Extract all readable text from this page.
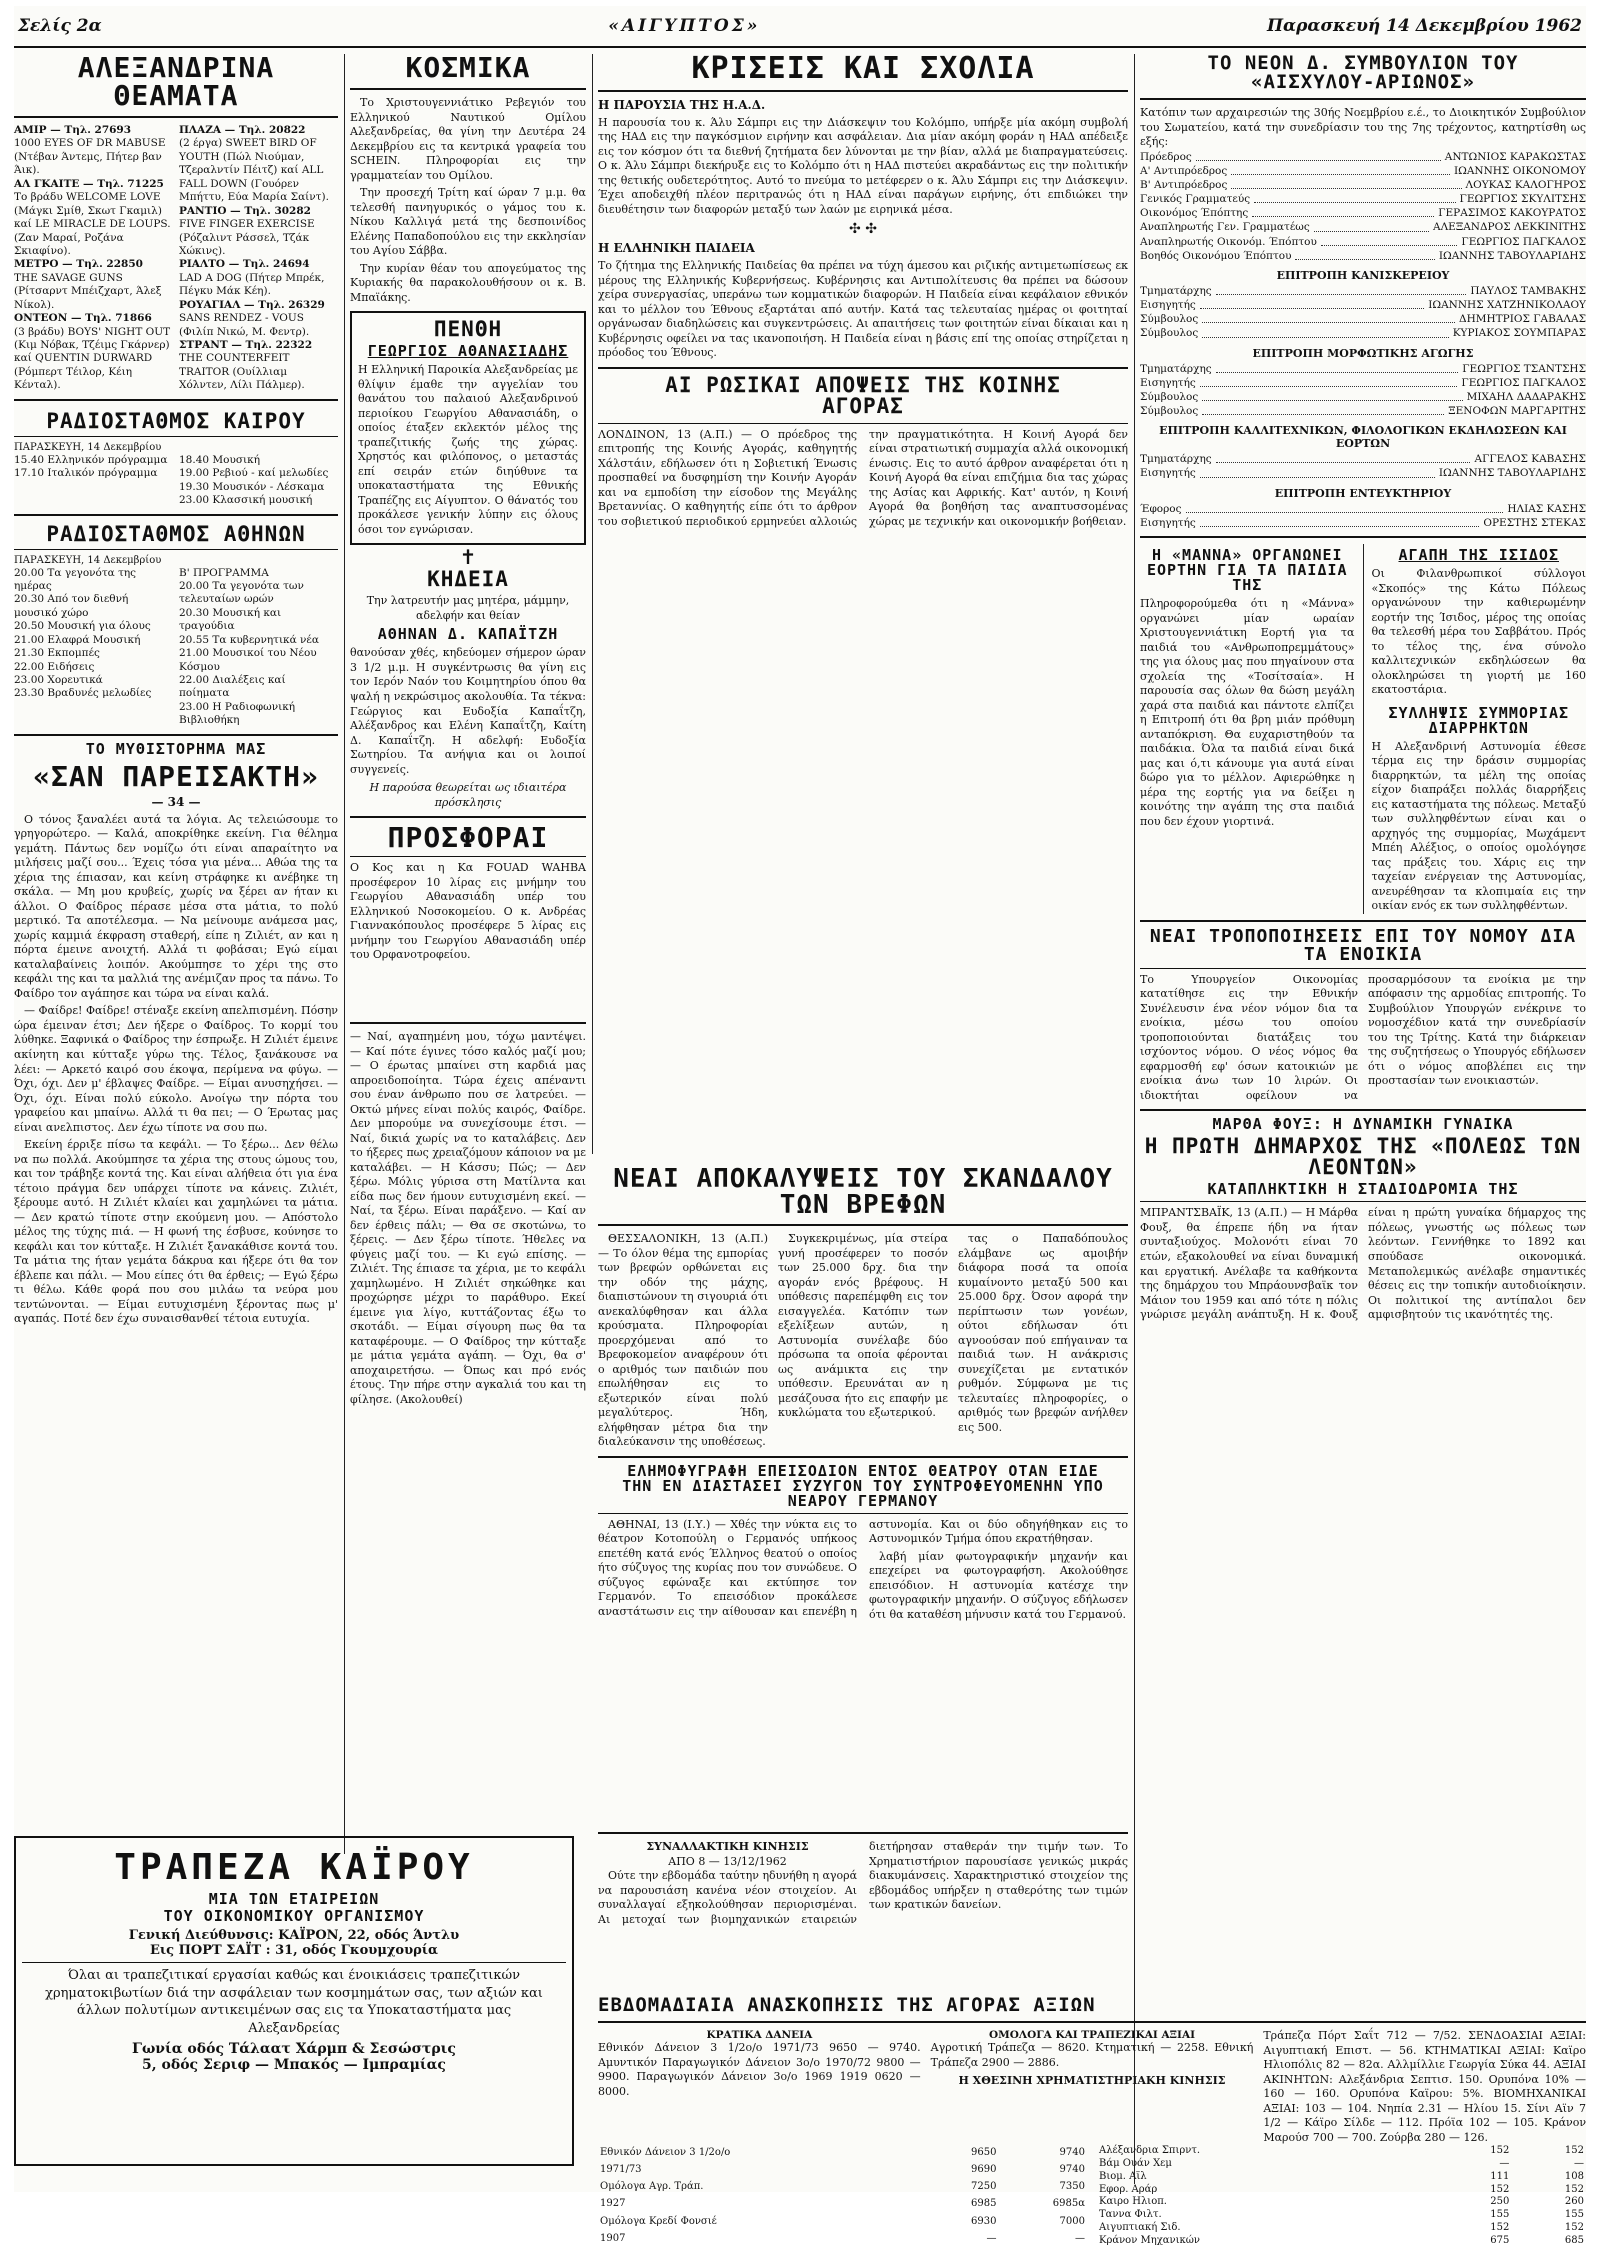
Σελίς 2α	«ΑΙΓΥΠΤΟΣ»	Παρασκευή 14 Δεκεμβρίου 1962
ΑΛΕΞΑΝΔΡΙΝΑ ΘΕΑΜΑΤΑ
ΑΜΙΡ — Τηλ. 27693
1000 EYES OF DR MABUSE (Ντέβαν Άντεμς, Πήτερ βαν Άικ).
ΑΛ ΓΚΑΙΤΕ — Τηλ. 71225
Το βράδυ WELCOME LOVE (Μάγκι Σμίθ, Σκωτ Γκαμιλ) καί LE MIRACLE DE LOUPS. (Ζαν Μαραί, Ροζάνα Σκιαφίνο).
ΜΕΤΡΟ — Τηλ. 22850
THE SAVAGE GUNS (Ρίτσαρντ Μπέιζχαρτ, Άλεξ Νίκολ).
ΟΝΤΕΟΝ — Τηλ. 71866
(3 βράδυ) BOYS' NIGHT OUT (Κιμ Νόβακ, Τζέιμς Γκάρνερ) καί QUENTIN DURWARD (Ρόμπερτ Τέιλορ, Κέιη Κένταλ).
ΠΛΑΖΑ — Τηλ. 20822
(2 έργα) SWEET BIRD OF YOUTH (Πώλ Νιούμαν, Τζεραλντίν Πέιτζ) καί ALL FALL DOWN (Γουόρεν Μπήττυ, Εύα Μαρία Σαίντ).
ΡΑΝΤΙΟ — Τηλ. 30282
FIVE FINGER EXERCISE (Ρόζαλιντ Ράσσελ, Τζάκ Χώκινς).
ΡΙΑΛΤΟ — Τηλ. 24694
LAD A DOG (Πήτερ Μπρέκ, Πέγκυ Μάκ Κέη).
ΡΟΥΑΓΙΑΛ — Τηλ. 26329
SANS RENDEZ - VOUS (Φιλίπ Νικώ, Μ. Φεντρ).
ΣΤΡΑΝΤ — Τηλ. 22322
THE COUNTERFEIT TRAITOR (Ουίλλιαμ Χόλντεν, Λίλι Πάλμερ).
ΡΑΔΙΟΣΤΑΘΜΟΣ ΚΑΙΡΟΥ
ΠΑΡΑΣΚΕΥΗ, 14 Δεκεμβρίου
15.40 Ελληνικόν πρόγραμμα
17.10 Ιταλικόν πρόγραμμα
18.40 Μουσική
19.00 Ρεβιού - καί μελωδίες
19.30 Μουσικόν - Λέσκαμα
23.00 Κλασσική μουσική
ΡΑΔΙΟΣΤΑΘΜΟΣ ΑΘΗΝΩΝ
ΠΑΡΑΣΚΕΥΗ, 14 Δεκεμβρίου
20.00 Τα γεγονότα της ημέρας
20.30 Από τον διεθνή μουσικό χώρο
20.50 Μουσική για όλους
21.00 Ελαφρά Μουσική
21.30 Εκπομπές
22.00 Ειδήσεις
23.00 Χορευτικά
23.30 Βραδυνές μελωδίες
Β' ΠΡΟΓΡΑΜΜΑ
20.00 Τα γεγονότα των τελευταίων ωρών
20.30 Μουσική και τραγούδια
20.55 Τα κυβερνητικά νέα
21.00 Μουσικοί του Νέου Κόσμου
22.00 Διαλέξεις καί ποίηματα
23.00 Η Ραδιοφωνική Βιβλιοθήκη
ΤΟ ΜΥΘΙΣΤΟΡΗΜΑ ΜΑΣ
«ΣΑΝ ΠΑΡΕΙΣΑΚΤΗ»
— 34 —

Ο τόνος ξαναλέει αυτά τα λόγια. Ας τελειώσουμε το γρηγορώτερο. — Καλά, αποκρίθηκε εκείνη. Για θέλημα γεμάτη. Πάντως δεν νομίζω ότι είναι απαραίτητο να μιλήσεις μαζί σου... Έχεις τόσα για μένα... Αθώα της τα χέρια της έπιασαν, και κείνη στράφηκε κι ανέβηκε τη σκάλα. — Μη μου κρυβείς, χωρίς να ξέρει αν ήταν κι άλλοι. Ο Φαίδρος πέρασε μέσα στα μάτια, το πολύ μερτικό. Τα αποτέλεσμα. — Να μείνουμε ανάμεσα μας, χωρίς καμμιά έκφραση σταθερή, είπε η Ζιλιέτ, αν και η πόρτα έμεινε ανοιχτή. Αλλά τι φοβάσαι; Εγώ είμαι καταλαβαίνεις λοιπόν. Ακούμπησε το χέρι της στο κεφάλι της και τα μαλλιά της ανέμιζαν προς τα πάνω. Το Φαίδρο τον αγάπησε και τώρα να είναι καλά.

— Φαίδρε! Φαίδρε! στέναξε εκείνη απελπισμένη. Πόσην ώρα έμειναν έτσι; Δεν ήξερε ο Φαίδρος. Το κορμί του λύθηκε. Ξαφνικά ο Φαίδρος την έσπρωξε. Η Ζιλιέτ έμεινε ακίνητη και κύτταξε γύρω της. Τέλος, ξανάκουσε να λέει: — Αρκετό καιρό σου έκοψα, περίμενα να φύγω. — Όχι, όχι. Δεν μ' έβλαψες Φαίδρε. — Είμαι ανυσηχήσει. — Όχι, όχι. Είναι πολύ εύκολο. Ανοίγω την πόρτα του γραφείου και μπαίνω. Αλλά τι θα πει; — Ο Έρωτας μας είναι ανελπιστος. Δεν έχω τίποτε να σου πω.

Εκείνη έρριξε πίσω τα κεφάλι. — Το ξέρω... Δεν θέλω να πω πολλά. Ακούμπησε τα χέρια της στους ώμους του, και τον τράβηξε κοντά της. Και είναι αλήθεια ότι για ένα τέτοιο πράγμα δεν υπάρχει τίποτε να κάνεις. Ζιλιέτ, ξέρουμε αυτό. Η Ζιλιέτ κλαίει και χαμηλώνει τα μάτια. — Δεν κρατώ τίποτε στην εκούμενη μου. — Απόστολο μέλος της τύχης πιά. — Η φωνή της έσβυσε, κούνησε το κεφάλι και τον κύτταξε. Η Ζιλιέτ ξανακάθισε κοντά του. Τα μάτια της ήταν γεμάτα δάκρυα και ήξερε ότι θα τον έβλεπε και πάλι. — Μου είπες ότι θα έρθεις; — Εγώ ξέρω τι θέλω. Κάθε φορά που σου μιλάω τα νεύρα μου τεντώνονται. — Είμαι ευτυχισμένη ξέροντας πως μ' αγαπάς. Ποτέ δεν έχω συναισθανθεί τέτοια ευτυχία.

ΚΟΣΜΙΚΑ

Το Χριστουγεννιάτικο Ρεβεγιόν του Ελληνικού Ναυτικού Ομίλου Αλεξανδρείας, θα γίνη την Δευτέρα 24 Δεκεμβρίου εις τα κεντρικά γραφεία του SCHEIN. Πληροφορίαι εις την γραμματείαν του Ομίλου.

Την προσεχή Τρίτη καί ώραν 7 μ.μ. θα τελεσθή πανηγυρικός ο γάμος του κ. Νίκου Καλλιγά μετά της δεσποινίδος Ελένης Παπαδοπούλου εις την εκκλησίαν του Αγίου Σάββα.

Την κυρίαν θέαν του απογεύματος της Κυριακής θα παρακολουθήσουν οι κ. Β. Μπαϊάκης.

ΠΕΝΘΗ
ΓΕΩΡΓΙΟΣ ΑΘΑΝΑΣΙΑΔΗΣ
Η Ελληνική Παροικία Αλεξανδρείας με θλίψιν έμαθε την αγγελίαν του θανάτου του παλαιού Αλεξανδρινού περιοίκου Γεωργίου Αθανασιάδη, ο οποίος έταξεν εκλεκτόν μέλος της τραπεζιτικής ζωής της χώρας. Χρηστός και φιλόπονος, ο μεταστάς επί σειράν ετών διηύθυνε τα υποκαταστήματα της Εθνικής Τραπέζης εις Αίγυπτον. Ο θάνατός του προκάλεσε γενικήν λύπην εις όλους όσοι τον εγνώρισαν.
✝
ΚΗΔΕΙΑ
Την λατρευτήν μας μητέρα, μάμμην, αδελφήν και θείαν
ΑΘΗΝΑΝ Δ. ΚΑΠΑΪΤΖΗ
θανούσαν χθές, κηδεύομεν σήμερον ώραν 3 1/2 μ.μ. Η συγκέντρωσις θα γίνη εις τον Ιερόν Ναόν του Κοιμητηρίου όπου θα ψαλή η νεκρώσιμος ακολουθία. Τα τέκνα: Γεώργιος και Ευδοξία Καπαΐτζη, Αλέξανδρος και Ελένη Καπαΐτζη, Καίτη Δ. Καπαΐτζη. Η αδελφή: Ευδοξία Σωτηρίου. Τα ανήψια και οι λοιποί συγγενείς.
Η παρούσα θεωρείται ως ιδιαιτέρα πρόσκλησις
ΠΡΟΣΦΟΡΑΙ
Ο Κος και η Κα FOUAD WAHBA προσέφερον 10 λίρας εις μνήμην του Γεωργίου Αθανασιάδη υπέρ του Ελληνικού Νοσοκομείου. Ο κ. Ανδρέας Γιαννακόπουλος προσέφερε 5 λίρας εις μνήμην του Γεωργίου Αθανασιάδη υπέρ του Ορφανοτροφείου.
— Ναί, αγαπημένη μου, τόχω μαντέψει. — Καί πότε έγινες τόσο καλός μαζί μου; — Ο έρωτας μπαίνει στη καρδιά μας απροειδοποίητα. Τώρα έχεις απέναντι σου έναν άνθρωπο που σε λατρεύει. — Οκτώ μήνες είναι πολύς καιρός, Φαίδρε. Δεν μπορούμε να συνεχίσουμε έτσι. — Ναί, δικιά χωρίς να το καταλάβεις. Δεν το ήξερες πως χρειαζόμουν κάποιον να με καταλάβει. — Η Κάσσυ; Πώς; — Δεν ξέρω. Μόλις γύρισα στη Ματίλντα και είδα πως δεν ήμουν ευτυχισμένη εκεί. — Ναί, τα ξέρω. Είναι παράξενο. — Καί αν δεν έρθεις πάλι; — Θα σε σκοτώνω, το ξέρεις. — Δεν ξέρω τίποτε. Ήθελες να φύγεις μαζί του. — Κι εγώ επίσης. — Ζιλιέτ. Της έπιασε τα χέρια, με το κεφάλι χαμηλωμένο. Η Ζιλιέτ σηκώθηκε και προχώρησε μέχρι το παράθυρο. Εκεί έμεινε για λίγο, κυττάζοντας έξω το σκοτάδι. — Είμαι σίγουρη πως θα τα καταφέρουμε. — Ο Φαίδρος την κύτταξε με μάτια γεμάτα αγάπη. — Όχι, θα σ' αποχαιρετήσω. — Όπως και πρό ενός έτους. Την πήρε στην αγκαλιά του και τη φίλησε. (Ακολουθεί)
ΚΡΙΣΕΙΣ ΚΑΙ ΣΧΟΛΙΑ
Η ΠΑΡΟΥΣΙΑ ΤΗΣ Η.Α.Δ.
Η παρουσία του κ. Άλυ Σάμπρι εις την Διάσκεψιν του Κολόμπο, υπήρξε μία ακόμη συμβολή της ΗΑΔ εις την παγκόσμιον ειρήνην και ασφάλειαν. Δια μίαν ακόμη φοράν η ΗΑΔ απέδειξε εις τον κόσμον ότι τα διεθνή ζητήματα δεν λύνονται με την βίαν, αλλά με διαπραγματεύσεις. Ο κ. Άλυ Σάμπρι διεκήρυξε εις το Κολόμπο ότι η ΗΑΔ πιστεύει ακραδάντως εις την πολιτικήν της θετικής ουδετερότητος. Αυτό το πνεύμα το μετέφερεν ο κ. Άλυ Σάμπρι εις την Διάσκεψιν. Έχει αποδειχθή πλέον περιτρανώς ότι η ΗΑΔ είναι παράγων ειρήνης, ότι επιδιώκει την διευθέτησιν των διαφορών μεταξύ των λαών με ειρηνικά μέσα.
✣ ✣
Η ΕΛΛΗΝΙΚΗ ΠΑΙΔΕΙΑ
Το ζήτημα της Ελληνικής Παιδείας θα πρέπει να τύχη άμεσου και ριζικής αντιμετωπίσεως εκ μέρους της Ελληνικής Κυβερνήσεως. Κυβέρνησις και Αντιπολίτευσις θα πρέπει να δώσουν χείρα συνεργασίας, υπεράνω των κομματικών διαφορών. Η Παιδεία είναι κεφάλαιον εθνικόν και το μέλλον του Έθνους εξαρτάται από αυτήν. Κατά τας τελευταίας ημέρας οι φοιτηταί οργάνωσαν διαδηλώσεις και συγκεντρώσεις. Αι απαιτήσεις των φοιτητών είναι δίκαιαι και η Κυβέρνησις οφείλει να τας ικανοποιήση. Η Παιδεία είναι η βάσις επί της οποίας στηρίζεται η πρόοδος του Έθνους.
ΑΙ ΡΩΣΙΚΑΙ ΑΠΟΨΕΙΣ ΤΗΣ ΚΟΙΝΗΣ ΑΓΟΡΑΣ
ΛΟΝΔΙΝΟΝ, 13 (Α.Π.) — Ο πρόεδρος της επιτροπής της Κοινής Αγοράς, καθηγητής Χάλστάιν, εδήλωσεν ότι η Σοβιετική Ένωσις προσπαθεί να δυσφημίση την Κοινήν Αγοράν και να εμποδίση την είσοδον της Μεγάλης Βρεταννίας. Ο καθηγητής είπε ότι το άρθρον του σοβιετικού περιοδικού ερμηνεύει αλλοιώς την πραγματικότητα. Η Κοινή Αγορά δεν είναι στρατιωτική συμμαχία αλλά οικονομική ένωσις. Εις το αυτό άρθρον αναφέρεται ότι η Κοινή Αγορά θα είναι επιζήμια δια τας χώρας της Ασίας και Αφρικής. Κατ' αυτόν, η Κοινή Αγορά θα βοηθήση τας αναπτυσσομένας χώρας με τεχνικήν και οικονομικήν βοήθειαν.
ΝΕΑΙ ΑΠΟΚΑΛΥΨΕΙΣ ΤΟΥ ΣΚΑΝΔΑΛΟΥ ΤΩΝ ΒΡΕΦΩΝ

ΘΕΣΣΑΛΟΝΙΚΗ, 13 (Α.Π.) — Το όλον θέμα της εμπορίας των βρεφών ορθώνεται εις την οδόν της μάχης, διαπιστώνουν τη σιγουριά ότι ανεκαλύφθησαν και άλλα κρούσματα. Πληροφορίαι προερχόμεναι από το Βρεφοκομείον αναφέρουν ότι ο αριθμός των παιδιών που επωλήθησαν εις το εξωτερικόν είναι πολύ μεγαλύτερος. Ήδη, ελήφθησαν μέτρα δια την διαλεύκανσιν της υποθέσεως.

Συγκεκριμένως, μία στείρα γυνή προσέφερεν το ποσόν των 25.000 δρχ. δια την αγοράν ενός βρέφους. Η υπόθεσις παρεπέμφθη εις τον εισαγγελέα. Κατόπιν των εξελίξεων αυτών, η Αστυνομία συνέλαβε δύο πρόσωπα τα οποία φέρονται ως ανάμικτα εις την υπόθεσιν. Ερευνάται αν η μεσάζουσα ήτο εις επαφήν με κυκλώματα του εξωτερικού.

τας ο Παπαδόπουλος ελάμβανε ως αμοιβήν διάφορα ποσά τα οποία κυμαίνοντο μεταξύ 500 και 25.000 δρχ. Όσον αφορά την περίπτωσιν των γονέων, ούτοι εδήλωσαν ότι αγνοούσαν πού επήγαιναν τα παιδιά των. Η ανάκρισις συνεχίζεται με εντατικόν ρυθμόν. Σύμφωνα με τις τελευταίες πληροφορίες, ο αριθμός των βρεφών ανήλθεν εις 500.

ΕΛΗΜΟΦΥΓΡΑΦΗ ΕΠΕΙΣΟΔΙΟΝ ΕΝΤΟΣ ΘΕΑΤΡΟΥ ΟΤΑΝ ΕΙΔΕ ΤΗΝ ΕΝ ΔΙΑΣΤΑΣΕΙ ΣΥΖΥΓΟΝ ΤΟΥ ΣΥΝΤΡΟΦΕΥΟΜΕΝΗΝ ΥΠΟ ΝΕΑΡΟΥ ΓΕΡΜΑΝΟΥ

ΑΘΗΝΑΙ, 13 (Ι.Υ.) — Χθές την νύκτα εις το θέατρον Κοτοπούλη ο Γερμανός υπήκοος επετέθη κατά ενός Έλληνος θεατού ο οποίος ήτο σύζυγος της κυρίας που τον συνώδευε. Ο σύζυγος εφώναξε και εκτύπησε τον Γερμανόν. Το επεισόδιον προκάλεσε αναστάτωσιν εις την αίθουσαν και επενέβη η αστυνομία. Και οι δύο οδηγήθηκαν εις το Αστυνομικόν Τμήμα όπου εκρατήθησαν.

λαβή μίαν φωτογραφικήν μηχανήν και επεχείρει να φωτογραφήση. Ακολούθησε επεισόδιον. Η αστυνομία κατέσχε την φωτογραφικήν μηχανήν. Ο σύζυγος εδήλωσεν ότι θα καταθέση μήνυσιν κατά του Γερμανού.

ΤΟ ΝΕΟΝ Δ. ΣΥΜΒΟΥΛΙΟΝ ΤΟΥ «ΑΙΣΧΥΛΟΥ-ΑΡΙΩΝΟΣ»
Κατόπιν των αρχαιρεσιών της 30ής Νοεμβρίου ε.έ., το Διοικητικόν Συμβούλιον του Σωματείου, κατά την συνεδρίασιν του της 7ης τρέχοντος, κατηρτίσθη ως εξής:
Πρόεδρος	ΑΝΤΩΝΙΟΣ ΚΑΡΑΚΩΣΤΑΣ
Α' Αντιπρόεδρος	ΙΩΑΝΝΗΣ ΟΙΚΟΝΟΜΟΥ
Β' Αντιπρόεδρος	ΛΟΥΚΑΣ ΚΑΛΟΓΗΡΟΣ
Γενικός Γραμματεύς	ΓΕΩΡΓΙΟΣ ΣΚΥΛΙΤΣΗΣ
Οικονόμος Έπόπτης	ΓΕΡΑΣΙΜΟΣ ΚΑΚΟΥΡΑΤΟΣ
Αναπληρωτής Γεν. Γραμματέως	ΑΛΕΞΑΝΔΡΟΣ ΛΕΚΚΙΝΙΤΗΣ
Αναπληρωτής Οικονόμ. Έπόπτου	ΓΕΩΡΓΙΟΣ ΠΑΓΚΑΛΟΣ
Βοηθός Οικονόμου Έπόπτου	ΙΩΑΝΝΗΣ ΤΑΒΟΥΛΑΡΙΔΗΣ
ΕΠΙΤΡΟΠΗ ΚΑΝΙΣΚΕΡΕΙΟΥ
Τμηματάρχης	ΠΑΥΛΟΣ ΤΑΜΒΑΚΗΣ
Εισηγητής	ΙΩΑΝΝΗΣ ΧΑΤΖΗΝΙΚΟΛΑΟΥ
Σύμβουλος	ΔΗΜΗΤΡΙΟΣ ΓΑΒΑΛΑΣ
Σύμβουλος	ΚΥΡΙΑΚΟΣ ΣΟΥΜΠΑΡΑΣ
ΕΠΙΤΡΟΠΗ ΜΟΡΦΩΤΙΚΗΣ ΑΓΩΓΗΣ
Τμηματάρχης	ΓΕΩΡΓΙΟΣ ΤΣΑΝΤΣΗΣ
Εισηγητής	ΓΕΩΡΓΙΟΣ ΠΑΓΚΑΛΟΣ
Σύμβουλος	ΜΙΧΑΗΛ ΔΑΔΑΡΑΚΗΣ
Σύμβουλος	ΞΕΝΟΦΩΝ ΜΑΡΓΑΡΙΤΗΣ
ΕΠΙΤΡΟΠΗ ΚΑΛΛΙΤΕΧΝΙΚΩΝ, ΦΙΛΟΛΟΓΙΚΩΝ ΕΚΔΗΛΩΣΕΩΝ ΚΑΙ ΕΟΡΤΩΝ
Τμηματάρχης	ΑΓΓΕΛΟΣ ΚΑΒΑΣΗΣ
Εισηγητής	ΙΩΑΝΝΗΣ ΤΑΒΟΥΛΑΡΙΔΗΣ
ΕΠΙΤΡΟΠΗ ΕΝΤΕΥΚΤΗΡΙΟΥ
Έφορος	ΗΛΙΑΣ ΚΑΣΗΣ
Εισηγητής	ΟΡΕΣΤΗΣ ΣΤΕΚΑΣ
Η «ΜΑΝΝΑ» ΟΡΓΑΝΩΝΕΙ ΕΟΡΤΗΝ ΓΙΑ ΤΑ ΠΑΙΔΙΑ ΤΗΣ
Πληροφορούμεθα ότι η «Μάννα» οργανώνει μίαν ωραίαν Χριστουγεννιάτικη Εορτή για τα παιδιά του «Ανθρωποπρεμμάτους» της για όλους μας που πηγαίνουν στα σχολεία της «Τοσίτσαία». Η παρουσία σας όλων θα δώση μεγάλη χαρά στα παιδιά και πάντοτε ελπίζει η Επιτροπή ότι θα βρη μιάν πρόθυμη ανταπόκριση. Θα ευχαριστηθούν τα παιδάκια. Όλα τα παιδιά είναι δικά μας και ό,τι κάνουμε για αυτά είναι δώρο για το μέλλον. Αφιερώθηκε η μέρα της εορτής για να δείξει η κοινότης την αγάπη της στα παιδιά που δεν έχουν γιορτινά.
ΑΓΑΠΗ ΤΗΣ ΙΣΙΔΟΣ
Οι Φιλανθρωπικοί σύλλογοι «Σκοπός» της Κάτω Πόλεως οργανώνουν την καθιερωμένην εορτήν της Ίσιδος, μέρος της οποίας θα τελεσθή μέρα του Σαββάτου. Πρός το τέλος της, ένα σύνολο καλλιτεχνικών εκδηλώσεων θα ολοκληρώσει τη γιορτή με 160 εκατοστάρια.
ΣΥΛΛΗΨΙΣ ΣΥΜΜΟΡΙΑΣ ΔΙΑΡΡΗΚΤΩΝ
Η Αλεξανδρινή Αστυνομία έθεσε τέρμα εις την δράσιν συμμορίας διαρρηκτών, τα μέλη της οποίας είχον διαπράξει πολλάς διαρρήξεις εις καταστήματα της πόλεως. Μεταξύ των συλληφθέντων είναι και ο αρχηγός της συμμορίας, Μωχάμεντ Μπέη Αλέξιος, ο οποίος ομολόγησε τας πράξεις του. Χάρις εις την ταχείαν ενέργειαν της Αστυνομίας, ανευρέθησαν τα κλοπιμαία εις την οικίαν ενός εκ των συλληφθέντων.
ΝΕΑΙ ΤΡΟΠΟΠΟΙΗΣΕΙΣ ΕΠΙ ΤΟΥ ΝΟΜΟΥ ΔΙΑ ΤΑ ΕΝΟΙΚΙΑ
Το Υπουργείον Οικονομίας κατατίθησε εις την Εθνικήν Συνέλευσιν ένα νέον νόμον δια τα ενοίκια, μέσω του οποίου τροποποιούνται διατάξεις του ισχύοντος νόμου. Ο νέος νόμος θα εφαρμοσθή εφ' όσων κατοικιών με ενοίκια άνω των 10 λιρών. Οι ιδιοκτήται οφείλουν να προσαρμόσουν τα ενοίκια με την απόφασιν της αρμοδίας επιτροπής. Το Συμβούλιον Υπουργών ενέκρινε το νομοσχέδιον κατά την συνεδρίασίν του της Τρίτης. Κατά την διάρκειαν της συζητήσεως ο Υπουργός εδήλωσεν ότι ο νόμος αποβλέπει εις την προστασίαν των ενοικιαστών.
ΜΑΡΘΑ ΦΟΥΞ: Η ΔΥΝΑΜΙΚΗ ΓΥΝΑΙΚΑ
Η ΠΡΩΤΗ ΔΗΜΑΡΧΟΣ ΤΗΣ «ΠΟΛΕΩΣ ΤΩΝ ΛΕΟΝΤΩΝ»
ΚΑΤΑΠΛΗΚΤΙΚΗ Η ΣΤΑΔΙΟΔΡΟΜΙΑ ΤΗΣ
ΜΠΡΑΝΤΣΒΑΪΚ, 13 (Α.Π.) — Η Μάρθα Φουξ, θα έπρεπε ήδη να ήταν συνταξιούχος. Μολονότι είναι 70 ετών, εξακολουθεί να είναι δυναμική και εργατική. Ανέλαβε τα καθήκοντα της δημάρχου του Μπράουνσβαϊκ τον Μάιον του 1959 και από τότε η πόλις γνώρισε μεγάλη ανάπτυξη. Η κ. Φουξ είναι η πρώτη γυναίκα δήμαρχος της πόλεως, γνωστής ως πόλεως των λεόντων. Γεννήθηκε το 1892 και σπούδασε οικονομικά. Μεταπολεμικώς ανέλαβε σημαντικές θέσεις εις την τοπικήν αυτοδιοίκησιν. Οι πολιτικοί της αντίπαλοι δεν αμφισβητούν τις ικανότητές της.
ΤΡΑΠΕΖΑ ΚΑΪΡΟΥ
ΜΙΑ ΤΩΝ ΕΤΑΙΡΕΙΩΝ
ΤΟΥ ΟΙΚΟΝΟΜΙΚΟΥ ΟΡΓΑΝΙΣΜΟΥ
Γενική Διεύθυνσις: ΚΑΪΡΟΝ, 22, οδός Άντλυ
Εις ΠΟΡΤ ΣΑΪΤ : 31, οδός Γκουμχουρία
Όλαι αι τραπεζιτικαί εργασίαι καθώς και ένοικιάσεις τραπεζιτικών χρηματοκιβωτίων διά την ασφάλειαν των κοσμημάτων σας, των αξιών και άλλων πολυτίμων αντικειμένων σας εις τα Υποκαταστήματα μας Αλεξανδρείας
Γωνία οδός Τάλαατ Χάρμπ & Σεσώστρις
5, οδός Σεριφ — Μπακός — Ιμπραμίας
ΣΥΝΑΛΛΑΚΤΙΚΗ ΚΙΝΗΣΙΣ
ΑΠΟ 8 — 13/12/1962

Ούτε την εβδομάδα ταύτην ηδυνήθη η αγορά να παρουσιάση κανένα νέον στοιχείον. Αι συναλλαγαί εξηκολούθησαν περιορισμέναι. Αι μετοχαί των βιομηχανικών εταιρειών διετήρησαν σταθεράν την τιμήν των. Το Χρηματιστήριον παρουσίασε γενικώς μικράς διακυμάνσεις. Χαρακτηριστικό στοιχείον της εβδομάδος υπήρξεν η σταθερότης των τιμών των κρατικών δανείων.

ΕΒΔΟΜΑΔΙΑΙΑ ΑΝΑΣΚΟΠΗΣΙΣ ΤΗΣ ΑΓΟΡΑΣ ΑΞΙΩΝ
ΚΡΑΤΙΚΑ ΔΑΝΕΙΑ
Εθνικόν Δάνειον 3 1/2ο/ο 1971/73 9650 — 9740. Αμυντικόν Παραγωγικόν Δάνειον 3ο/ο 1970/72 9800 — 9900. Παραγωγικόν Δάνειον 3ο/ο 1969 1919 0620 — 8000.
ΟΜΟΛΟΓΑ ΚΑΙ ΤΡΑΠΕΖΙΚΑΙ ΑΞΙΑΙ
Αγροτική Τράπεζα — 8620. Κτηματική — 2258. Εθνική Τράπεζα 2900 — 2886.
Η ΧΘΕΣΙΝΗ ΧΡΗΜΑΤΙΣΤΗΡΙΑΚΗ ΚΙΝΗΣΙΣ
Τράπεζα Πόρτ Σαΐτ 712 — 7/52. ΣΕΝΔΟΑΣΙΑΙ ΑΞΙΑΙ: Αιγυπτιακή Επιστ. — 56. ΚΤΗΜΑΤΙΚΑΙ ΑΞΙΑΙ: Καϊρο Ηλιοπόλις 82 — 82α. Αλλμίλλιε Γεωργία Σύκα 44. ΑΞΙΑΙ ΑΚΙΝΗΤΩΝ: Αλεξάνδρια Σεπτισ. 150. Ορυπόνα 10% — 160 — 160. Ορυπόνα Καϊρου: 5%. ΒΙΟΜΗΧΑΝΙΚΑΙ ΑΞΙΑΙ: 103 — 104. Νηπία 2.31 — Ηλίου 15. Σίνι Αϊν 7 1/2 — Κάϊρο Σίλδε — 112. Πρόϊα 102 — 105. Κράνον Μαρούσ 700 — 700. Ζούρβα 280 — 126.
Εθνικόν Δάνειον 3 1/2ο/ο	9650	9740
1971/73	9690	9740
Ομόλογα Αγρ. Τράπ.	7250	7350
1927	6985	6985α
Ομόλογα Κρεδί Φονσιέ	6930	7000
1907	—	—
Αλέξανδρια Σπιρντ.	152	152
Βάμ Ουάν Χεμ	—	—
Βιομ. Αϊλ	111	108
Εφορ. Αράρ	152	152
Καιρο Ηλιοπ.	250	260
Ταννα Φιλτ.	155	155
Αιγυπτιακή Σιδ.	152	152
Κράνον Μηχανικών	675	685
